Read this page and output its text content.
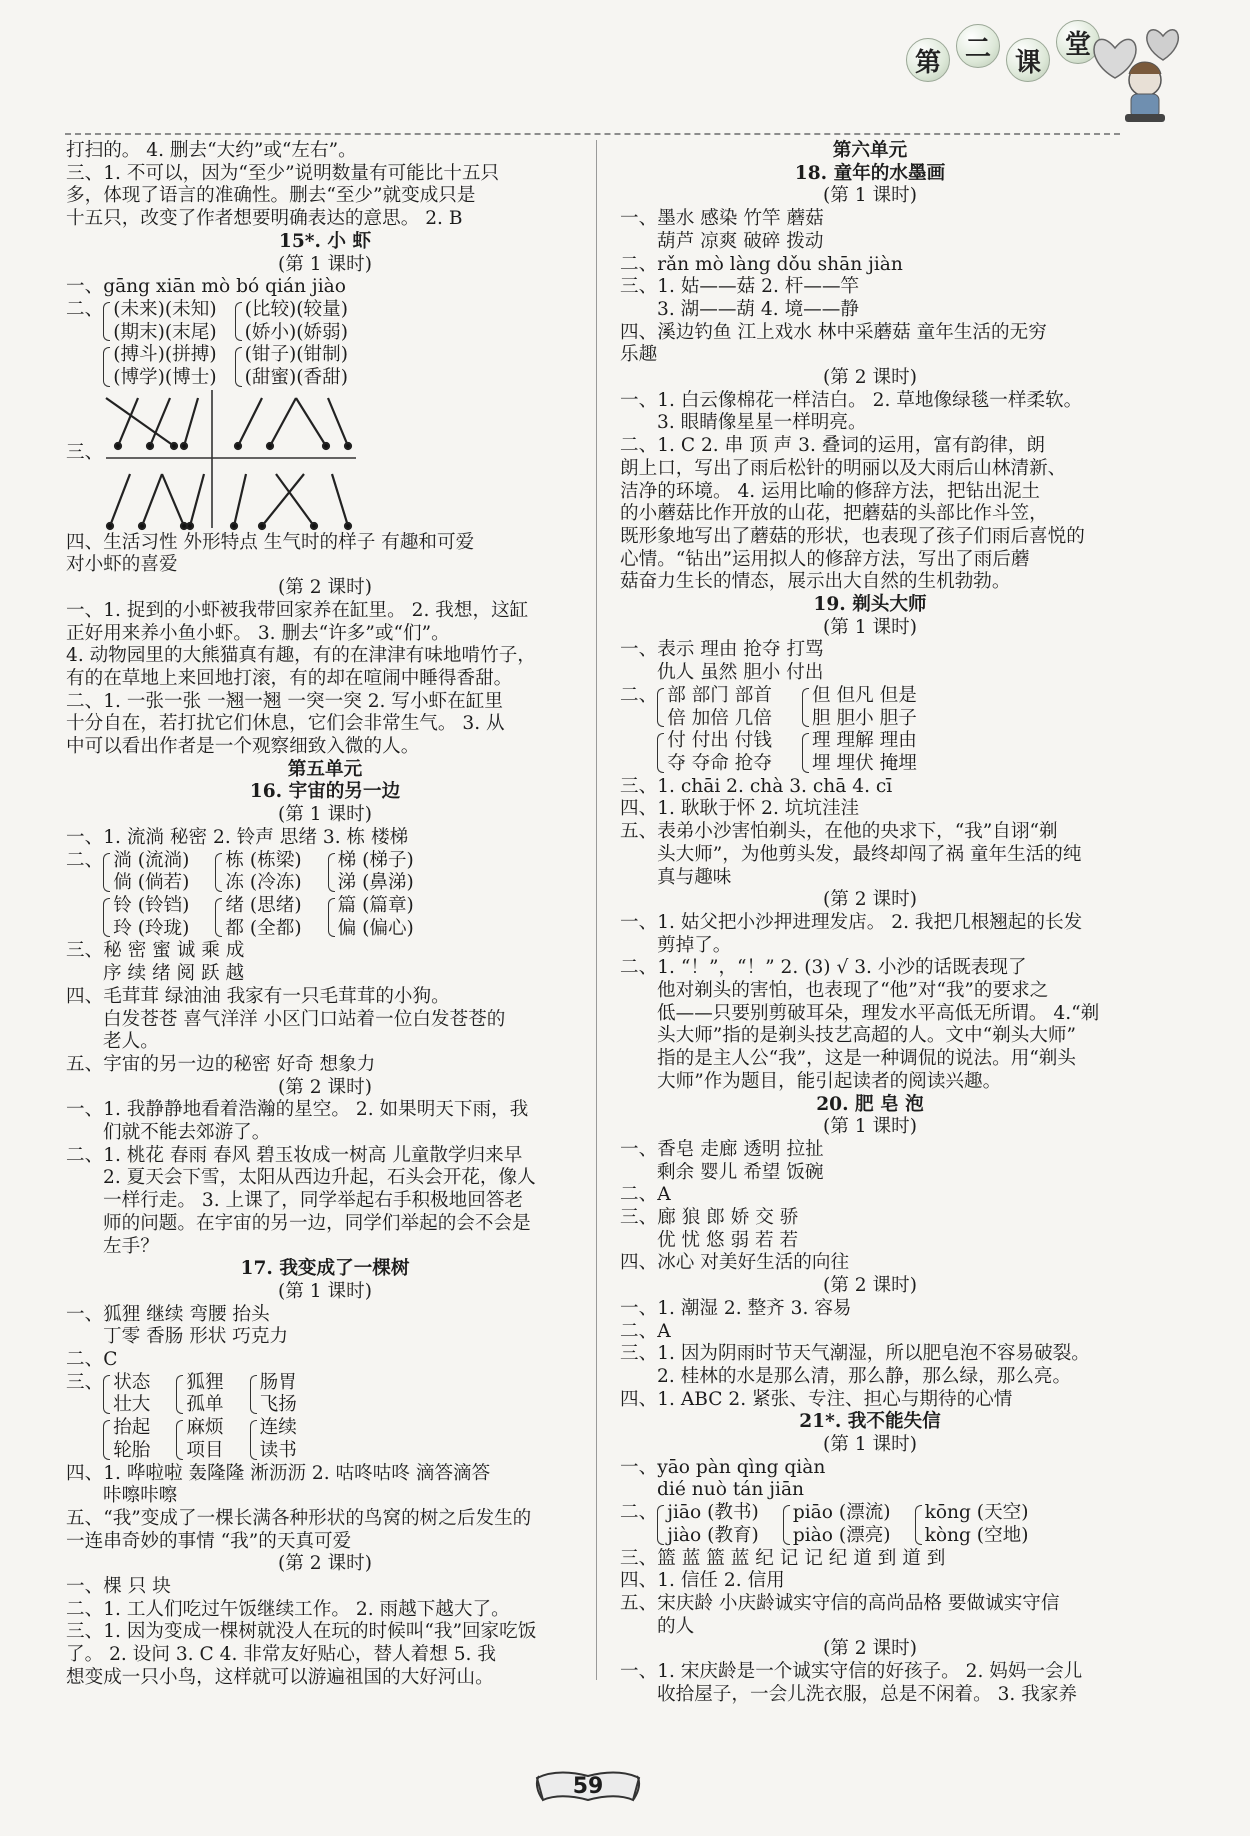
第 二 课
堂
打扫的。 4. 删去“大约”或“左右”。
三、1. 不可以，因为“至少”说明数量有可能比十五只
多，体现了语言的准确性。删去“至少”就变成只是
十五只，改变了作者想要明确表达的意思。 2. B
15*. 小 虾
(第 1 课时)
一、gāng xiān mò bó qián jiào
二、 (未来)(未知)
(期末)(末尾)
(比较)(较量)
(娇小)(娇弱)
(搏斗)(拼搏)
(博学)(博士)
(钳子)(钳制)
(甜蜜)(香甜)
三、
四、生活习性 外形特点 生气时的样子 有趣和可爱
对小虾的喜爱
(第 2 课时)
一、1. 捉到的小虾被我带回家养在缸里。 2. 我想，这缸
正好用来养小鱼小虾。 3. 删去“许多”或“们”。
4. 动物园里的大熊猫真有趣，有的在津津有味地啃竹子，
有的在草地上来回地打滚，有的却在喧闹中睡得香甜。
二、1. 一张一张 一翘一翘 一突一突 2. 写小虾在缸里
十分自在，若打扰它们休息，它们会非常生气。 3. 从
中可以看出作者是一个观察细致入微的人。
第五单元
16. 宇宙的另一边
(第 1 课时)
一、1. 流淌 秘密 2. 铃声 思绪 3. 栋 楼梯
二、 淌 (流淌)
倘 (倘若)
栋 (栋梁)
冻 (冷冻)
梯 (梯子)
涕 (鼻涕)
铃 (铃铛)
玲 (玲珑)
绪 (思绪)
都 (全都)
篇 (篇章)
偏 (偏心)
三、秘 密 蜜 诚 乘 成
序 续 绪 阅 跃 越
四、毛茸茸 绿油油 我家有一只毛茸茸的小狗。
白发苍苍 喜气洋洋 小区门口站着一位白发苍苍的
老人。
五、宇宙的另一边的秘密 好奇 想象力
(第 2 课时)
一、1. 我静静地看着浩瀚的星空。 2. 如果明天下雨，我
们就不能去郊游了。
二、1. 桃花 春雨 春风 碧玉妆成一树高 儿童散学归来早
2. 夏天会下雪，太阳从西边升起，石头会开花，像人
一样行走。 3. 上课了，同学举起右手积极地回答老
师的问题。在宇宙的另一边，同学们举起的会不会是
左手？
17. 我变成了一棵树
(第 1 课时)
一、狐狸 继续 弯腰 抬头
丁零 香肠 形状 巧克力
二、C
三、 状态
壮大
狐狸
孤单
肠胃
飞扬
抬起
轮胎
麻烦
项目
连续
读书
四、1. 哗啦啦 轰隆隆 淅沥沥 2. 咕咚咕咚 滴答滴答
咔嚓咔嚓
五、“我”变成了一棵长满各种形状的鸟窝的树之后发生的
一连串奇妙的事情 “我”的天真可爱
(第 2 课时)
一、棵 只 块
二、1. 工人们吃过午饭继续工作。 2. 雨越下越大了。
三、1. 因为变成一棵树就没人在玩的时候叫“我”回家吃饭
了。 2. 设问 3. C 4. 非常友好贴心，替人着想 5. 我
想变成一只小鸟，这样就可以游遍祖国的大好河山。
第六单元
18. 童年的水墨画
(第 1 课时)
一、墨水 感染 竹竿 蘑菇
葫芦 凉爽 破碎 拨动
二、rǎn mò làng dǒu shān jiàn
三、1. 姑——菇 2. 杆——竿
3. 湖——葫 4. 境——静
四、溪边钓鱼 江上戏水 林中采蘑菇 童年生活的无穷
乐趣
(第 2 课时)
一、1. 白云像棉花一样洁白。 2. 草地像绿毯一样柔软。
3. 眼睛像星星一样明亮。
二、1. C 2. 串 顶 声 3. 叠词的运用，富有韵律，朗
朗上口，写出了雨后松针的明丽以及大雨后山林清新、
洁净的环境。 4. 运用比喻的修辞方法，把钻出泥土
的小蘑菇比作开放的山花，把蘑菇的头部比作斗笠，
既形象地写出了蘑菇的形状，也表现了孩子们雨后喜悦的
心情。“钻出”运用拟人的修辞方法，写出了雨后蘑
菇奋力生长的情态，展示出大自然的生机勃勃。
19. 剃头大师
(第 1 课时)
一、表示 理由 抢夺 打骂
仇人 虽然 胆小 付出
二、 部 部门 部首
倍 加倍 几倍
但 但凡 但是
胆 胆小 胆子
付 付出 付钱
夺 夺命 抢夺
理 理解 理由
埋 埋伏 掩埋
三、1. chāi 2. chà 3. chā 4. cī
四、1. 耿耿于怀 2. 坑坑洼洼
五、表弟小沙害怕剃头，在他的央求下，“我”自诩“剃
头大师”，为他剪头发，最终却闯了祸 童年生活的纯
真与趣味
(第 2 课时)
一、1. 姑父把小沙押进理发店。 2. 我把几根翘起的长发
剪掉了。
二、1. “！”，“！” 2. (3) √ 3. 小沙的话既表现了
他对剃头的害怕，也表现了“他”对“我”的要求之
低——只要别剪破耳朵，理发水平高低无所谓。 4.“剃
头大师”指的是剃头技艺高超的人。文中“剃头大师”
指的是主人公“我”，这是一种调侃的说法。用“剃头
大师”作为题目，能引起读者的阅读兴趣。
20. 肥 皂 泡
(第 1 课时)
一、香皂 走廊 透明 拉扯
剩余 婴儿 希望 饭碗
二、A
三、廊 狼 郎 娇 交 骄
优 忧 悠 弱 若 若
四、冰心 对美好生活的向往
(第 2 课时)
一、1. 潮湿 2. 整齐 3. 容易
二、A
三、1. 因为阴雨时节天气潮湿，所以肥皂泡不容易破裂。
2. 桂林的水是那么清，那么静，那么绿，那么亮。
四、1. ABC 2. 紧张、专注、担心与期待的心情
21*. 我不能失信
(第 1 课时)
一、yāo pàn qìng qiàn
dié nuò tán jiān
二、 jiāo (教书)
jiào (教育)
piāo (漂流)
piào (漂亮)
kōng (天空)
kòng (空地)
三、篮 蓝 篮 蓝 纪 记 记 纪 道 到 道 到
四、1. 信任 2. 信用
五、宋庆龄 小庆龄诚实守信的高尚品格 要做诚实守信
的人
(第 2 课时)
一、1. 宋庆龄是一个诚实守信的好孩子。 2. 妈妈一会儿
收拾屋子，一会儿洗衣服，总是不闲着。 3. 我家养
59
